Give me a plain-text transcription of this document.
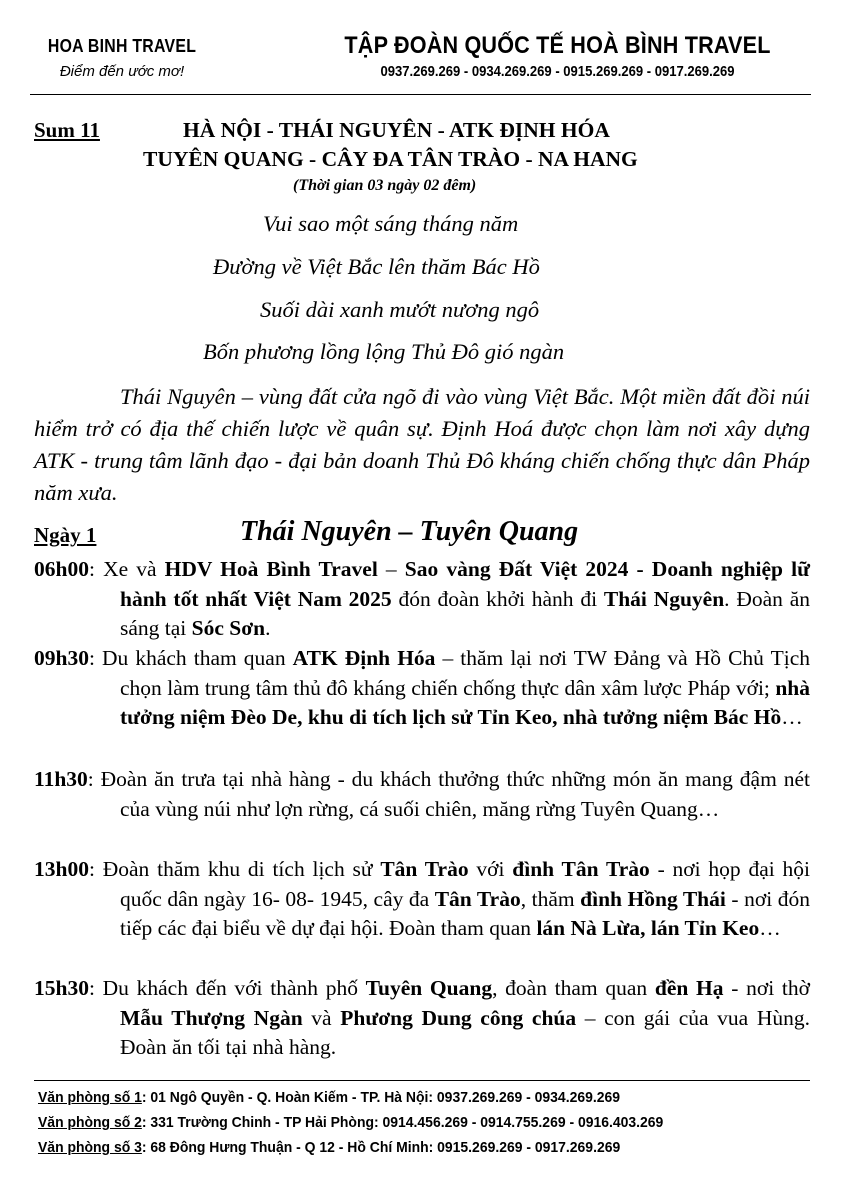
HOA BINH TRAVEL
Điểm đến ước mơ!
TẬP ĐOÀN QUỐC TẾ HOÀ BÌNH TRAVEL
0937.269.269 - 0934.269.269 - 0915.269.269 - 0917.269.269
Sum 11	HÀ NỘI - THÁI NGUYÊN - ATK ĐỊNH HÓA
TUYÊN QUANG - CÂY ĐA TÂN TRÀO - NA HANG
(Thời gian 03 ngày 02 đêm)
Vui sao một sáng tháng năm
Đường về Việt Bắc lên thăm Bác Hồ
Suối dài xanh mướt nương ngô
Bốn phương lồng lộng Thủ Đô gió ngàn
Thái Nguyên – vùng đất cửa ngõ đi vào vùng Việt Bắc. Một miền đất đồi núi hiểm trở có địa thế chiến lược về quân sự. Định Hoá được chọn làm nơi xây dựng ATK - trung tâm lãnh đạo - đại bản doanh Thủ Đô kháng chiến chống thực dân Pháp năm xưa.
Ngày 1	Thái Nguyên – Tuyên Quang
06h00: Xe và HDV Hoà Bình Travel – Sao vàng Đất Việt 2024 - Doanh nghiệp lữ hành tốt nhất Việt Nam 2025 đón đoàn khởi hành đi Thái Nguyên. Đoàn ăn sáng tại Sóc Sơn.
09h30: Du khách tham quan ATK Định Hóa – thăm lại nơi TW Đảng và Hồ Chủ Tịch chọn làm trung tâm thủ đô kháng chiến chống thực dân xâm lược Pháp với; nhà tưởng niệm Đèo De, khu di tích lịch sử Tỉn Keo, nhà tưởng niệm Bác Hồ…
11h30: Đoàn ăn trưa tại nhà hàng - du khách thưởng thức những món ăn mang đậm nét của vùng núi như lợn rừng, cá suối chiên, măng rừng Tuyên Quang…
13h00: Đoàn thăm khu di tích lịch sử Tân Trào với đình Tân Trào - nơi họp đại hội quốc dân ngày 16- 08- 1945, cây đa Tân Trào, thăm đình Hồng Thái - nơi đón tiếp các đại biểu về dự đại hội. Đoàn tham quan lán Nà Lừa, lán Tỉn Keo…
15h30: Du khách đến với thành phố Tuyên Quang, đoàn tham quan đền Hạ - nơi thờ Mẫu Thượng Ngàn và Phương Dung công chúa – con gái của vua Hùng. Đoàn ăn tối tại nhà hàng.
Văn phòng số 1: 01 Ngô Quyền - Q. Hoàn Kiếm - TP. Hà Nội: 0937.269.269 - 0934.269.269
Văn phòng số 2: 331 Trường Chinh - TP Hải Phòng: 0914.456.269 - 0914.755.269 - 0916.403.269
Văn phòng số 3: 68 Đông Hưng Thuận - Q 12 - Hồ Chí Minh: 0915.269.269 - 0917.269.269
